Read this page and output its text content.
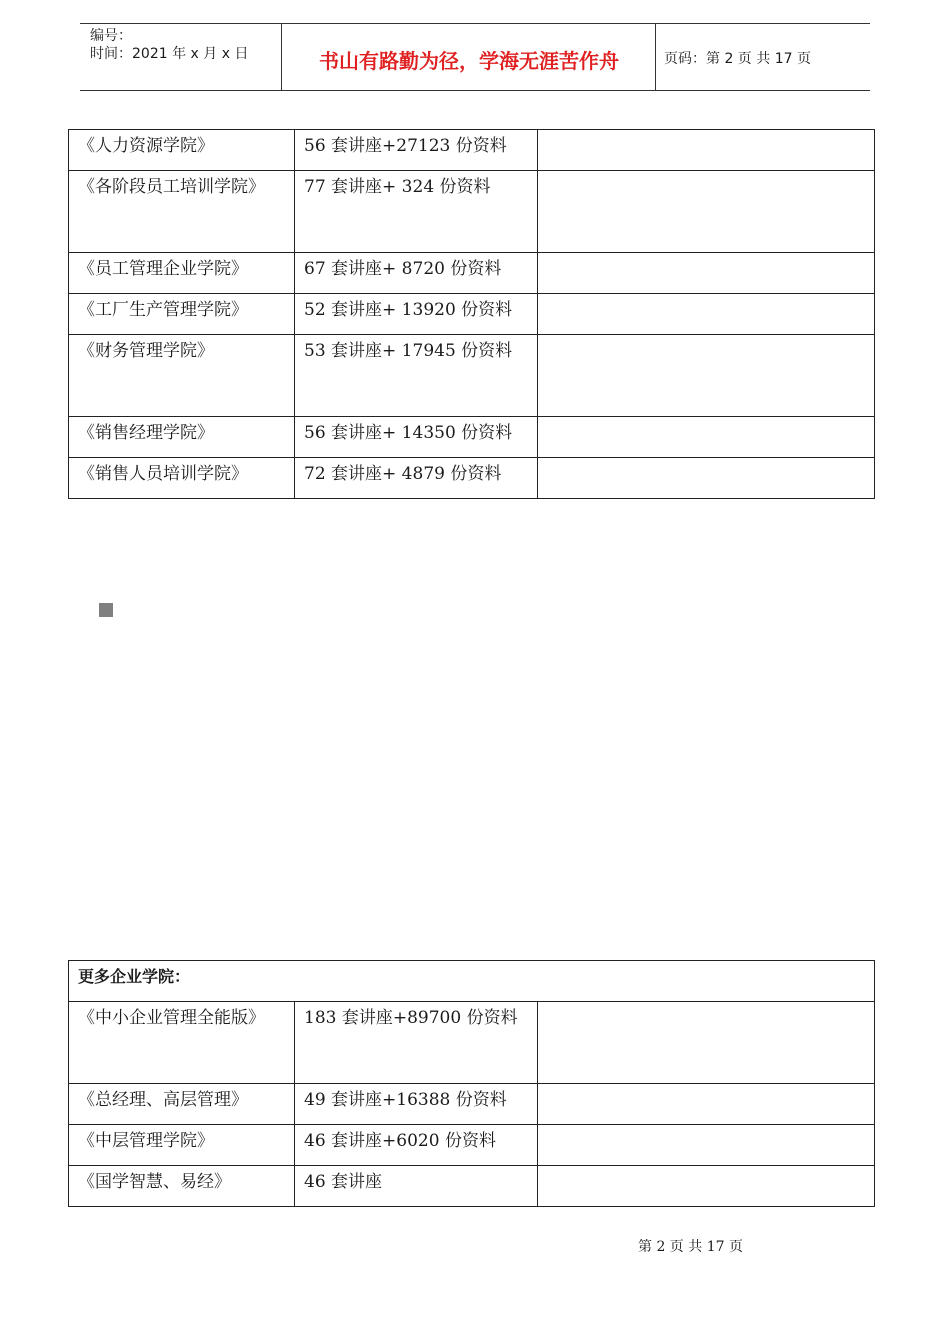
编号：
时间：2021 年 x 月 x 日	书山有路勤为径，学海无涯苦作舟	页码：第 2 页 共 17 页
《人力资源学院》	56 套讲座+27123 份资料	

《各阶段员工培训学院》	77 套讲座+ 324 份资料	

《员工管理企业学院》	67 套讲座+ 8720 份资料	

《工厂生产管理学院》	52 套讲座+ 13920 份资料	

《财务管理学院》	53 套讲座+ 17945 份资料	

《销售经理学院》	56 套讲座+ 14350 份资料	

《销售人员培训学院》	72 套讲座+ 4879 份资料	

更多企业学院：		

《中小企业管理全能版》	183 套讲座+89700 份资料	

《总经理、高层管理》	49 套讲座+16388 份资料	

《中层管理学院》	46 套讲座+6020 份资料	

《国学智慧、易经》	46 套讲座	

第 2 页 共 17 页
